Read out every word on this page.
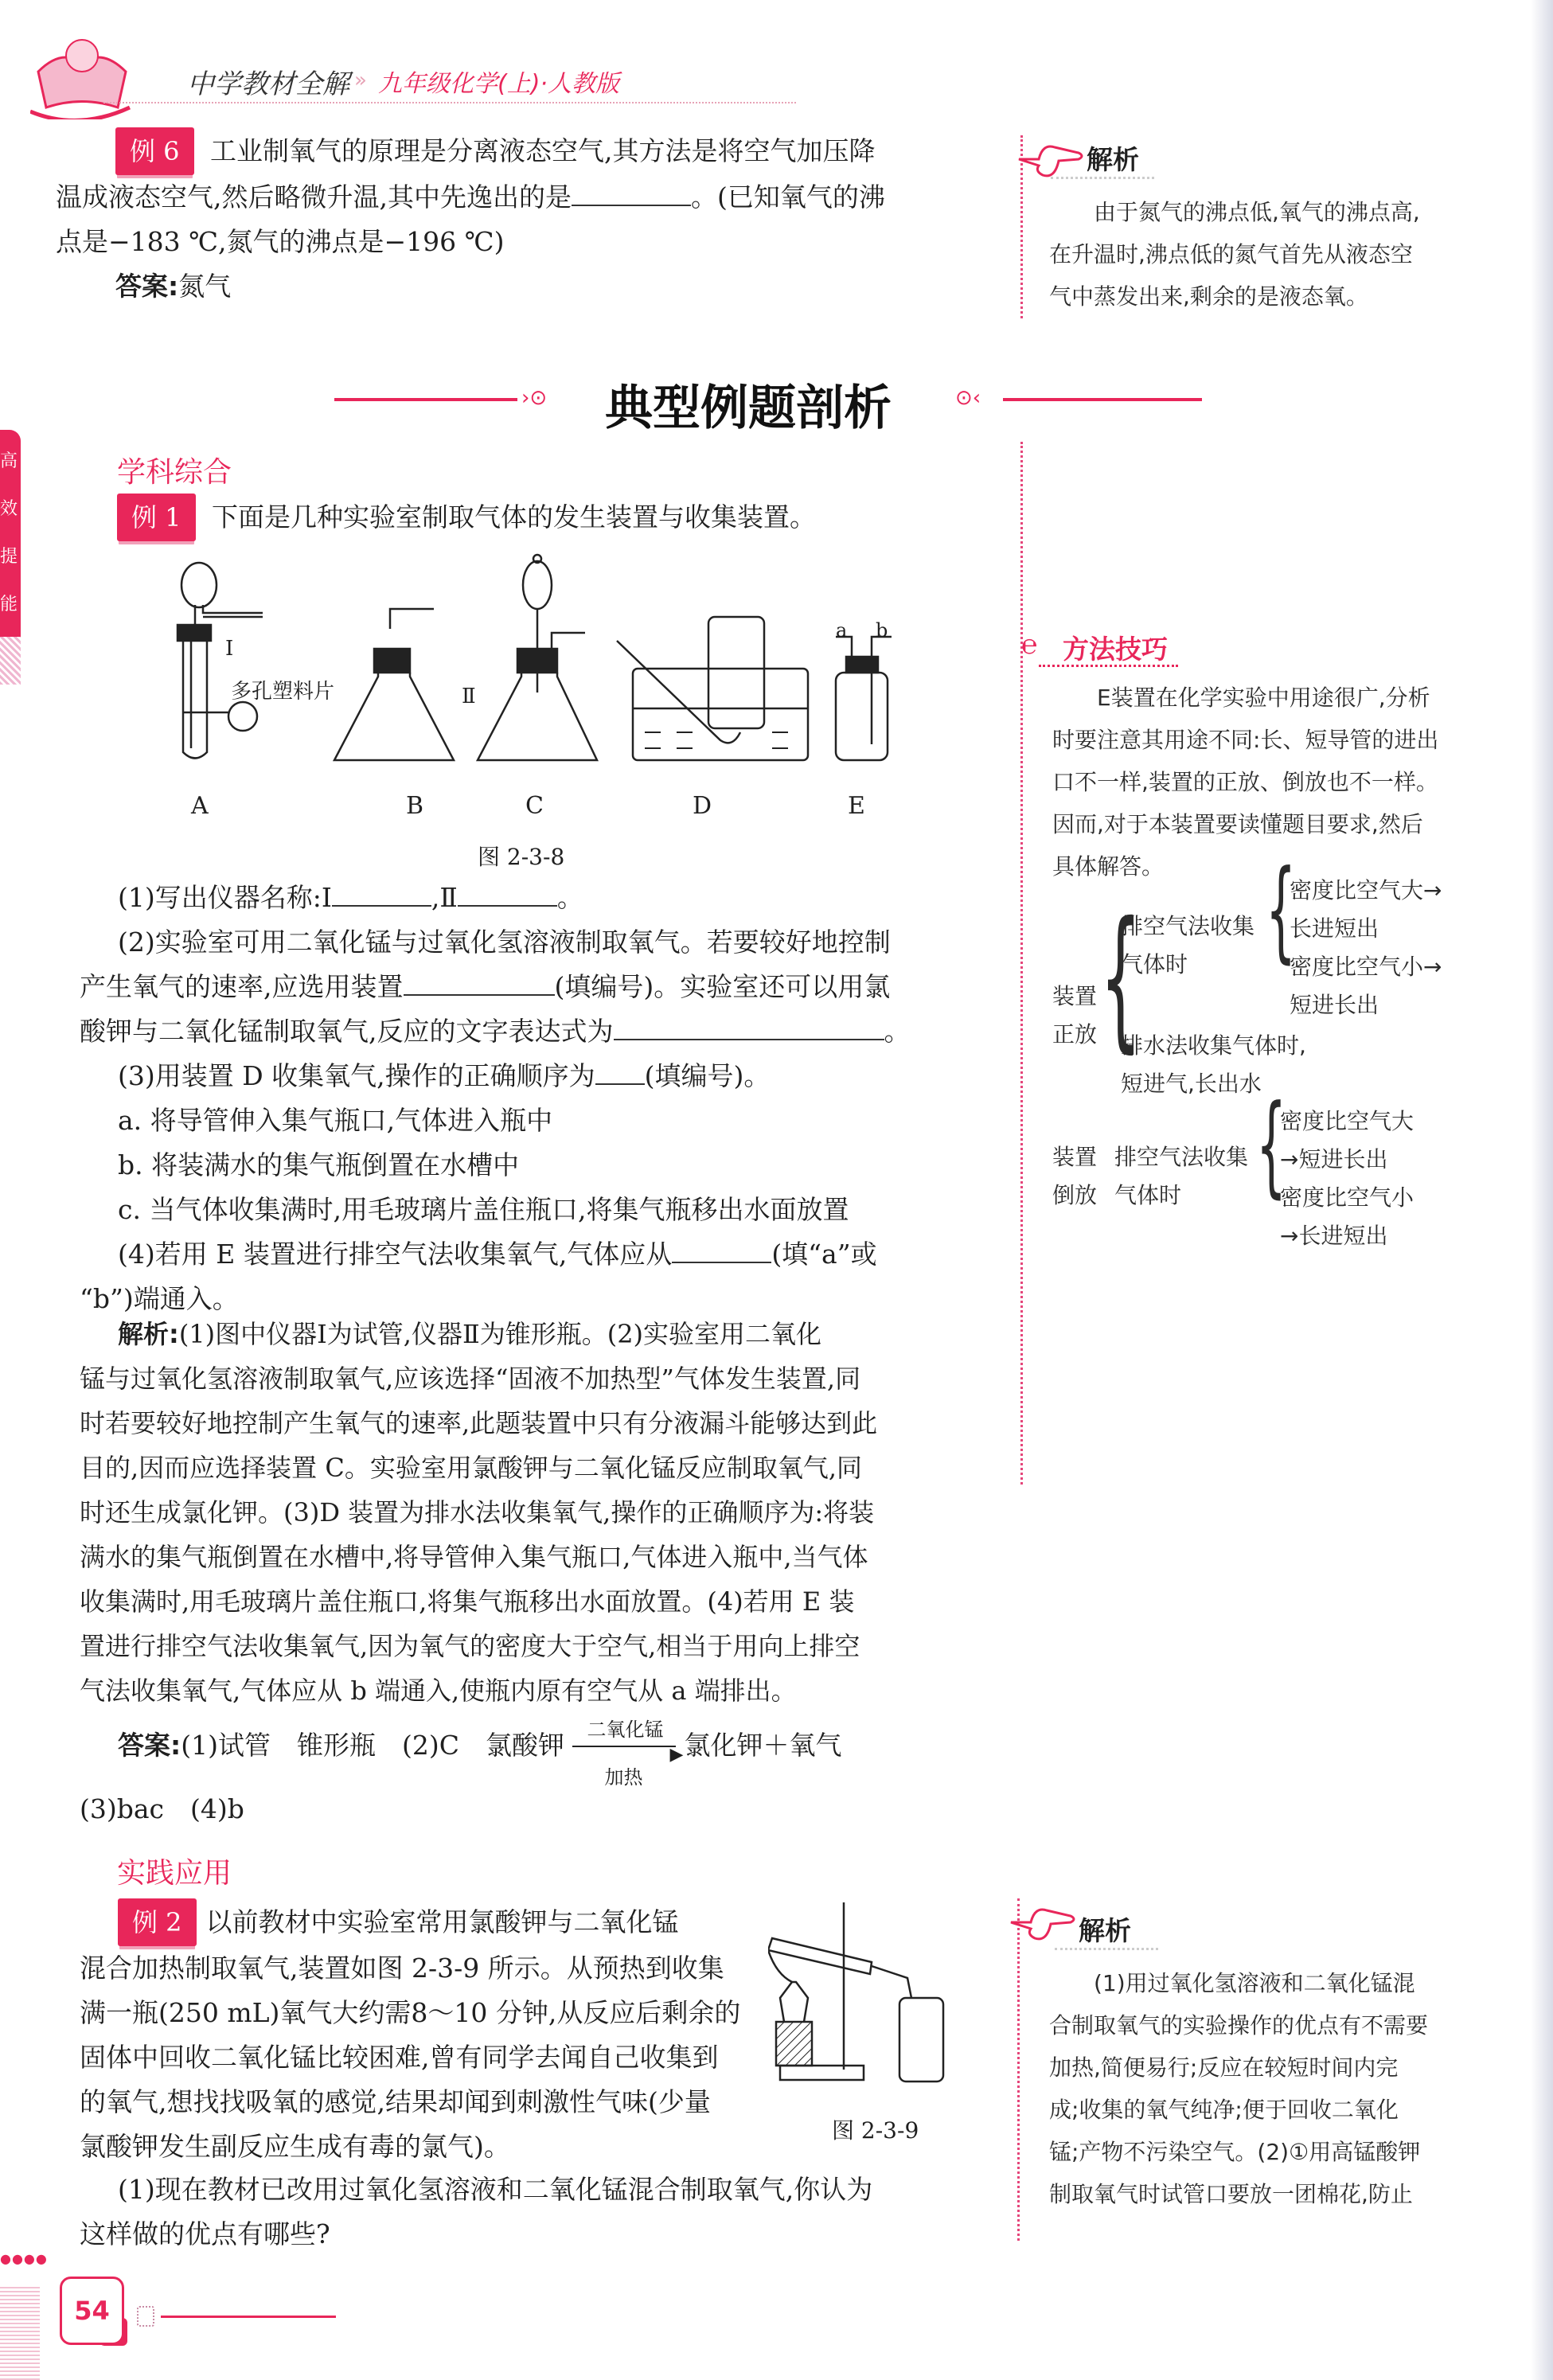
中学教材全解 » 九年级化学(上)·人教版
高效提能
例 6 工业制氧气的原理是分离液态空气,其方法是将空气加压降
温成液态空气,然后略微升温,其中先逸出的是	。(已知氧气的沸
点是−183 ℃,氮气的沸点是−196 ℃)
答案:氮气
解析
由于氮气的沸点低,氧气的沸点高,
在升温时,沸点低的氮气首先从液态空
气中蒸发出来,剩余的是液态氧。
›⊙ 典型例题剖析	⊙‹
学科综合
例 1 下面是几种实验室制取气体的发生装置与收集装置。
Ⅰ
多孔塑料片	Ⅱ
a b
A	B	C	D	E
图 2-3-8
(1)写出仪器名称:Ⅰ	,Ⅱ	。
(2)实验室可用二氧化锰与过氧化氢溶液制取氧气。若要较好地控制
产生氧气的速率,应选用装置	(填编号)。实验室还可以用氯
酸钾与二氧化锰制取氧气,反应的文字表达式为	。
(3)用装置 D 收集氧气,操作的正确顺序为 (填编号)。
a. 将导管伸入集气瓶口,气体进入瓶中
b. 将装满水的集气瓶倒置在水槽中
c. 当气体收集满时,用毛玻璃片盖住瓶口,将集气瓶移出水面放置
(4)若用 E 装置进行排空气法收集氧气,气体应从	(填“a”或
“b”)端通入。
解析:(1)图中仪器Ⅰ为试管,仪器Ⅱ为锥形瓶。(2)实验室用二氧化
锰与过氧化氢溶液制取氧气,应该选择“固液不加热型”气体发生装置,同
时若要较好地控制产生氧气的速率,此题装置中只有分液漏斗能够达到此
目的,因而应选择装置 C。实验室用氯酸钾与二氧化锰反应制取氧气,同
时还生成氯化钾。(3)D 装置为排水法收集氧气,操作的正确顺序为:将装
满水的集气瓶倒置在水槽中,将导管伸入集气瓶口,气体进入瓶中,当气体
收集满时,用毛玻璃片盖住瓶口,将集气瓶移出水面放置。(4)若用 E 装
置进行排空气法收集氧气,因为氧气的密度大于空气,相当于用向上排空
气法收集氧气,气体应从 b 端通入,使瓶内原有空气从 a 端排出。
答案:(1)试管　锥形瓶　(2)C　氯酸钾 二氧化锰
▶
加热
氯化钾＋氧气
(3)bac　(4)b
℮ 方法技巧
E装置在化学实验中用途很广,分析
时要注意其用途不同:长、短导管的进出
口不一样,装置的正放、倒放也不一样。
因而,对于本装置要读懂题目要求,然后
具体解答。
装置
正放 {
排空气法收集
气体时	{
密度比空气大→
长进短出
密度比空气小→
短进长出
排水法收集气体时,
短进气,长出水
装置
倒放
排空气法收集
气体时	{
密度比空气大
→短进长出
密度比空气小
→长进短出
实践应用
例 2 以前教材中实验室常用氯酸钾与二氧化锰
混合加热制取氧气,装置如图 2-3-9 所示。从预热到收集
满一瓶(250 mL)氧气大约需8～10 分钟,从反应后剩余的
固体中回收二氧化锰比较困难,曾有同学去闻自己收集到
的氧气,想找找吸氧的感觉,结果却闻到刺激性气味(少量
氯酸钾发生副反应生成有毒的氯气)。
图 2-3-9
(1)现在教材已改用过氧化氢溶液和二氧化锰混合制取氧气,你认为
这样做的优点有哪些?
解析
(1)用过氧化氢溶液和二氧化锰混
合制取氧气的实验操作的优点有不需要
加热,简便易行;反应在较短时间内完
成;收集的氧气纯净;便于回收二氧化
锰;产物不污染空气。(2)①用高锰酸钾
制取氧气时试管口要放一团棉花,防止
●●●●
54
